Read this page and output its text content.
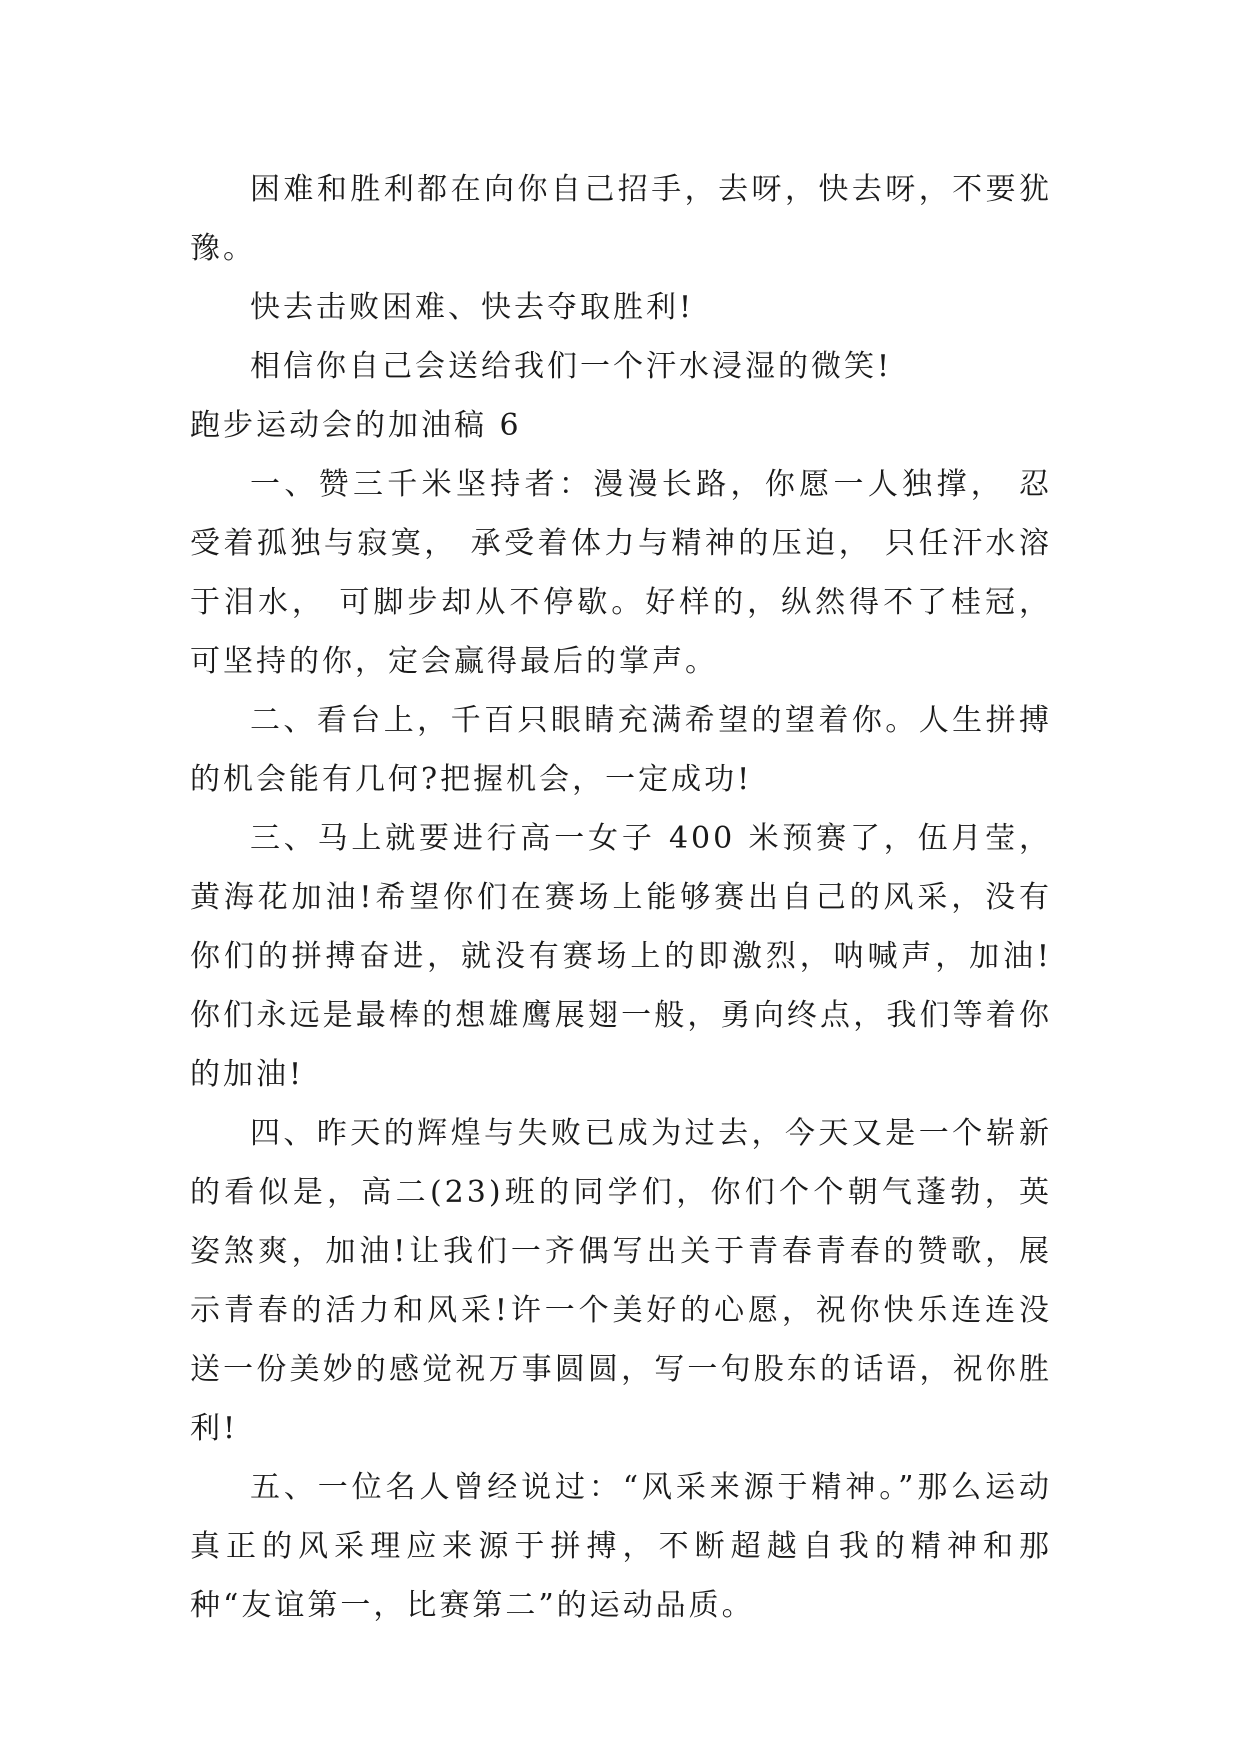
困难和胜利都在向你自己招手，去呀，快去呀，不要犹豫。

快去击败困难、快去夺取胜利!

相信你自己会送给我们一个汗水浸湿的微笑!

跑步运动会的加油稿 6

一、赞三千米坚持者：漫漫长路，你愿一人独撑， 忍受着孤独与寂寞， 承受着体力与精神的压迫， 只任汗水溶于泪水， 可脚步却从不停歇。好样的，纵然得不了桂冠，可坚持的你，定会赢得最后的掌声。

二、看台上，千百只眼睛充满希望的望着你。人生拼搏的机会能有几何?把握机会，一定成功!

三、马上就要进行高一女子 400 米预赛了，伍月莹，黄海花加油!希望你们在赛场上能够赛出自己的风采，没有你们的拼搏奋进，就没有赛场上的即激烈，呐喊声，加油!你们永远是最棒的想雄鹰展翅一般，勇向终点，我们等着你的加油!

四、昨天的辉煌与失败已成为过去，今天又是一个崭新的看似是，高二(23)班的同学们，你们个个朝气蓬勃，英姿煞爽，加油!让我们一齐偶写出关于青春青春的赞歌，展示青春的活力和风采!许一个美好的心愿，祝你快乐连连没送一份美妙的感觉祝万事圆圆，写一句股东的话语，祝你胜利!

五、一位名人曾经说过：“风采来源于精神。”那么运动真正的风采理应来源于拼搏，不断超越自我的精神和那种“友谊第一，比赛第二”的运动品质。
